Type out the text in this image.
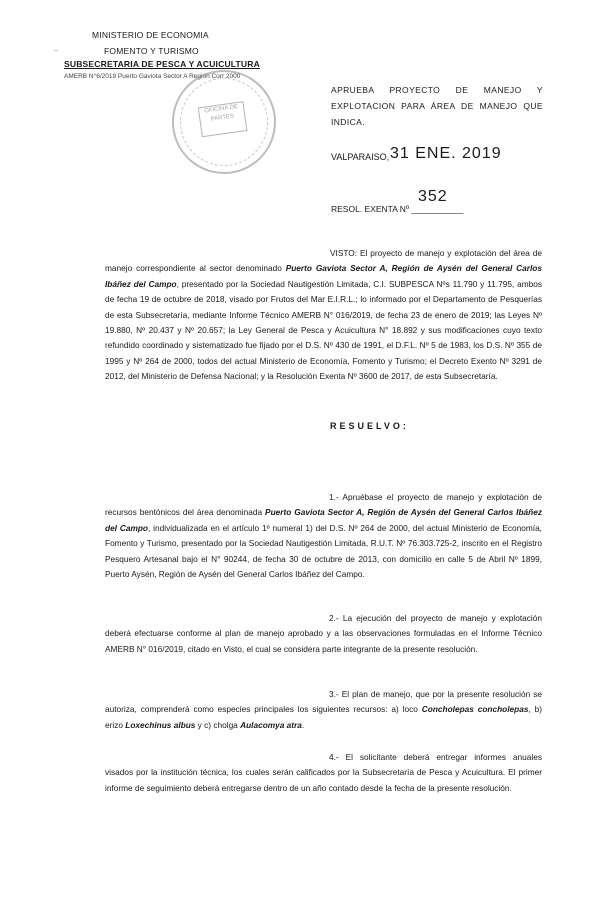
MINISTERIO DE ECONOMIA
FOMENTO Y TURISMO
SUBSECRETARIA DE PESCA Y ACUICULTURA
AMERB N°6/2019 Puerto Gaviota Sector A Región Corr 2000
..
OFICINA DE PARTES
APRUEBA PROYECTO DE MANEJO Y EXPLOTACION PARA ÁREA DE MANEJO QUE INDICA.
VALPARAISO, 31 ENE. 2019
RESOL. EXENTA Nº ___________
352
VISTO: El proyecto de manejo y explotación del área de manejo correspondiente al sector denominado Puerto Gaviota Sector A, Región de Aysén del General Carlos Ibáñez del Campo, presentado por la Sociedad Nautigestión Limitada, C.I. SUBPESCA Nºs 11.790 y 11.795, ambos de fecha 19 de octubre de 2018, visado por Frutos del Mar E.I.R.L.; lo informado por el Departamento de Pesquerías de esta Subsecretaría, mediante Informe Técnico AMERB N° 016/2019, de fecha 23 de enero de 2019; las Leyes Nº 19.880, Nº 20.437 y Nº 20.657; la Ley General de Pesca y Acuicultura N° 18.892 y sus modificaciones cuyo texto refundido coordinado y sistematizado fue fijado por el D.S. Nº 430 de 1991, el D.F.L. Nº 5 de 1983, los D.S. Nº 355 de 1995 y Nº 264 de 2000, todos del actual Ministerio de Economía, Fomento y Turismo; el Decreto Exento Nº 3291 de 2012, del Ministerio de Defensa Nacional; y la Resolución Exenta Nº 3600 de 2017, de esta Subsecretaría.
RESUELVO:
1.- Apruébase el proyecto de manejo y explotación de recursos bentónicos del área denominada Puerto Gaviota Sector A, Región de Aysén del General Carlos Ibáñez del Campo, individualizada en el artículo 1º numeral 1) del D.S. Nº 264 de 2000, del actual Ministerio de Economía, Fomento y Turismo, presentado por la Sociedad Nautigestión Limitada, R.U.T. Nº 76.303.725-2, inscrito en el Registro Pesquero Artesanal bajo el N° 90244, de fecha 30 de octubre de 2013, con domicilio en calle 5 de Abril Nº 1899, Puerto Aysén, Región de Aysén del General Carlos Ibáñez del Campo.
2.- La ejecución del proyecto de manejo y explotación deberá efectuarse conforme al plan de manejo aprobado y a las observaciones formuladas en el Informe Técnico AMERB N° 016/2019, citado en Visto, el cual se considera parte integrante de la presente resolución.
3.- El plan de manejo, que por la presente resolución se autoriza, comprenderá como especies principales los siguientes recursos: a) loco Concholepas concholepas, b) erizo Loxechinus albus y c) cholga Aulacomya atra.
4.- El solicitante deberá entregar informes anuales visados por la institución técnica, los cuales serán calificados por la Subsecretaría de Pesca y Acuicultura. El primer informe de seguimiento deberá entregarse dentro de un año contado desde la fecha de la presente resolución.
